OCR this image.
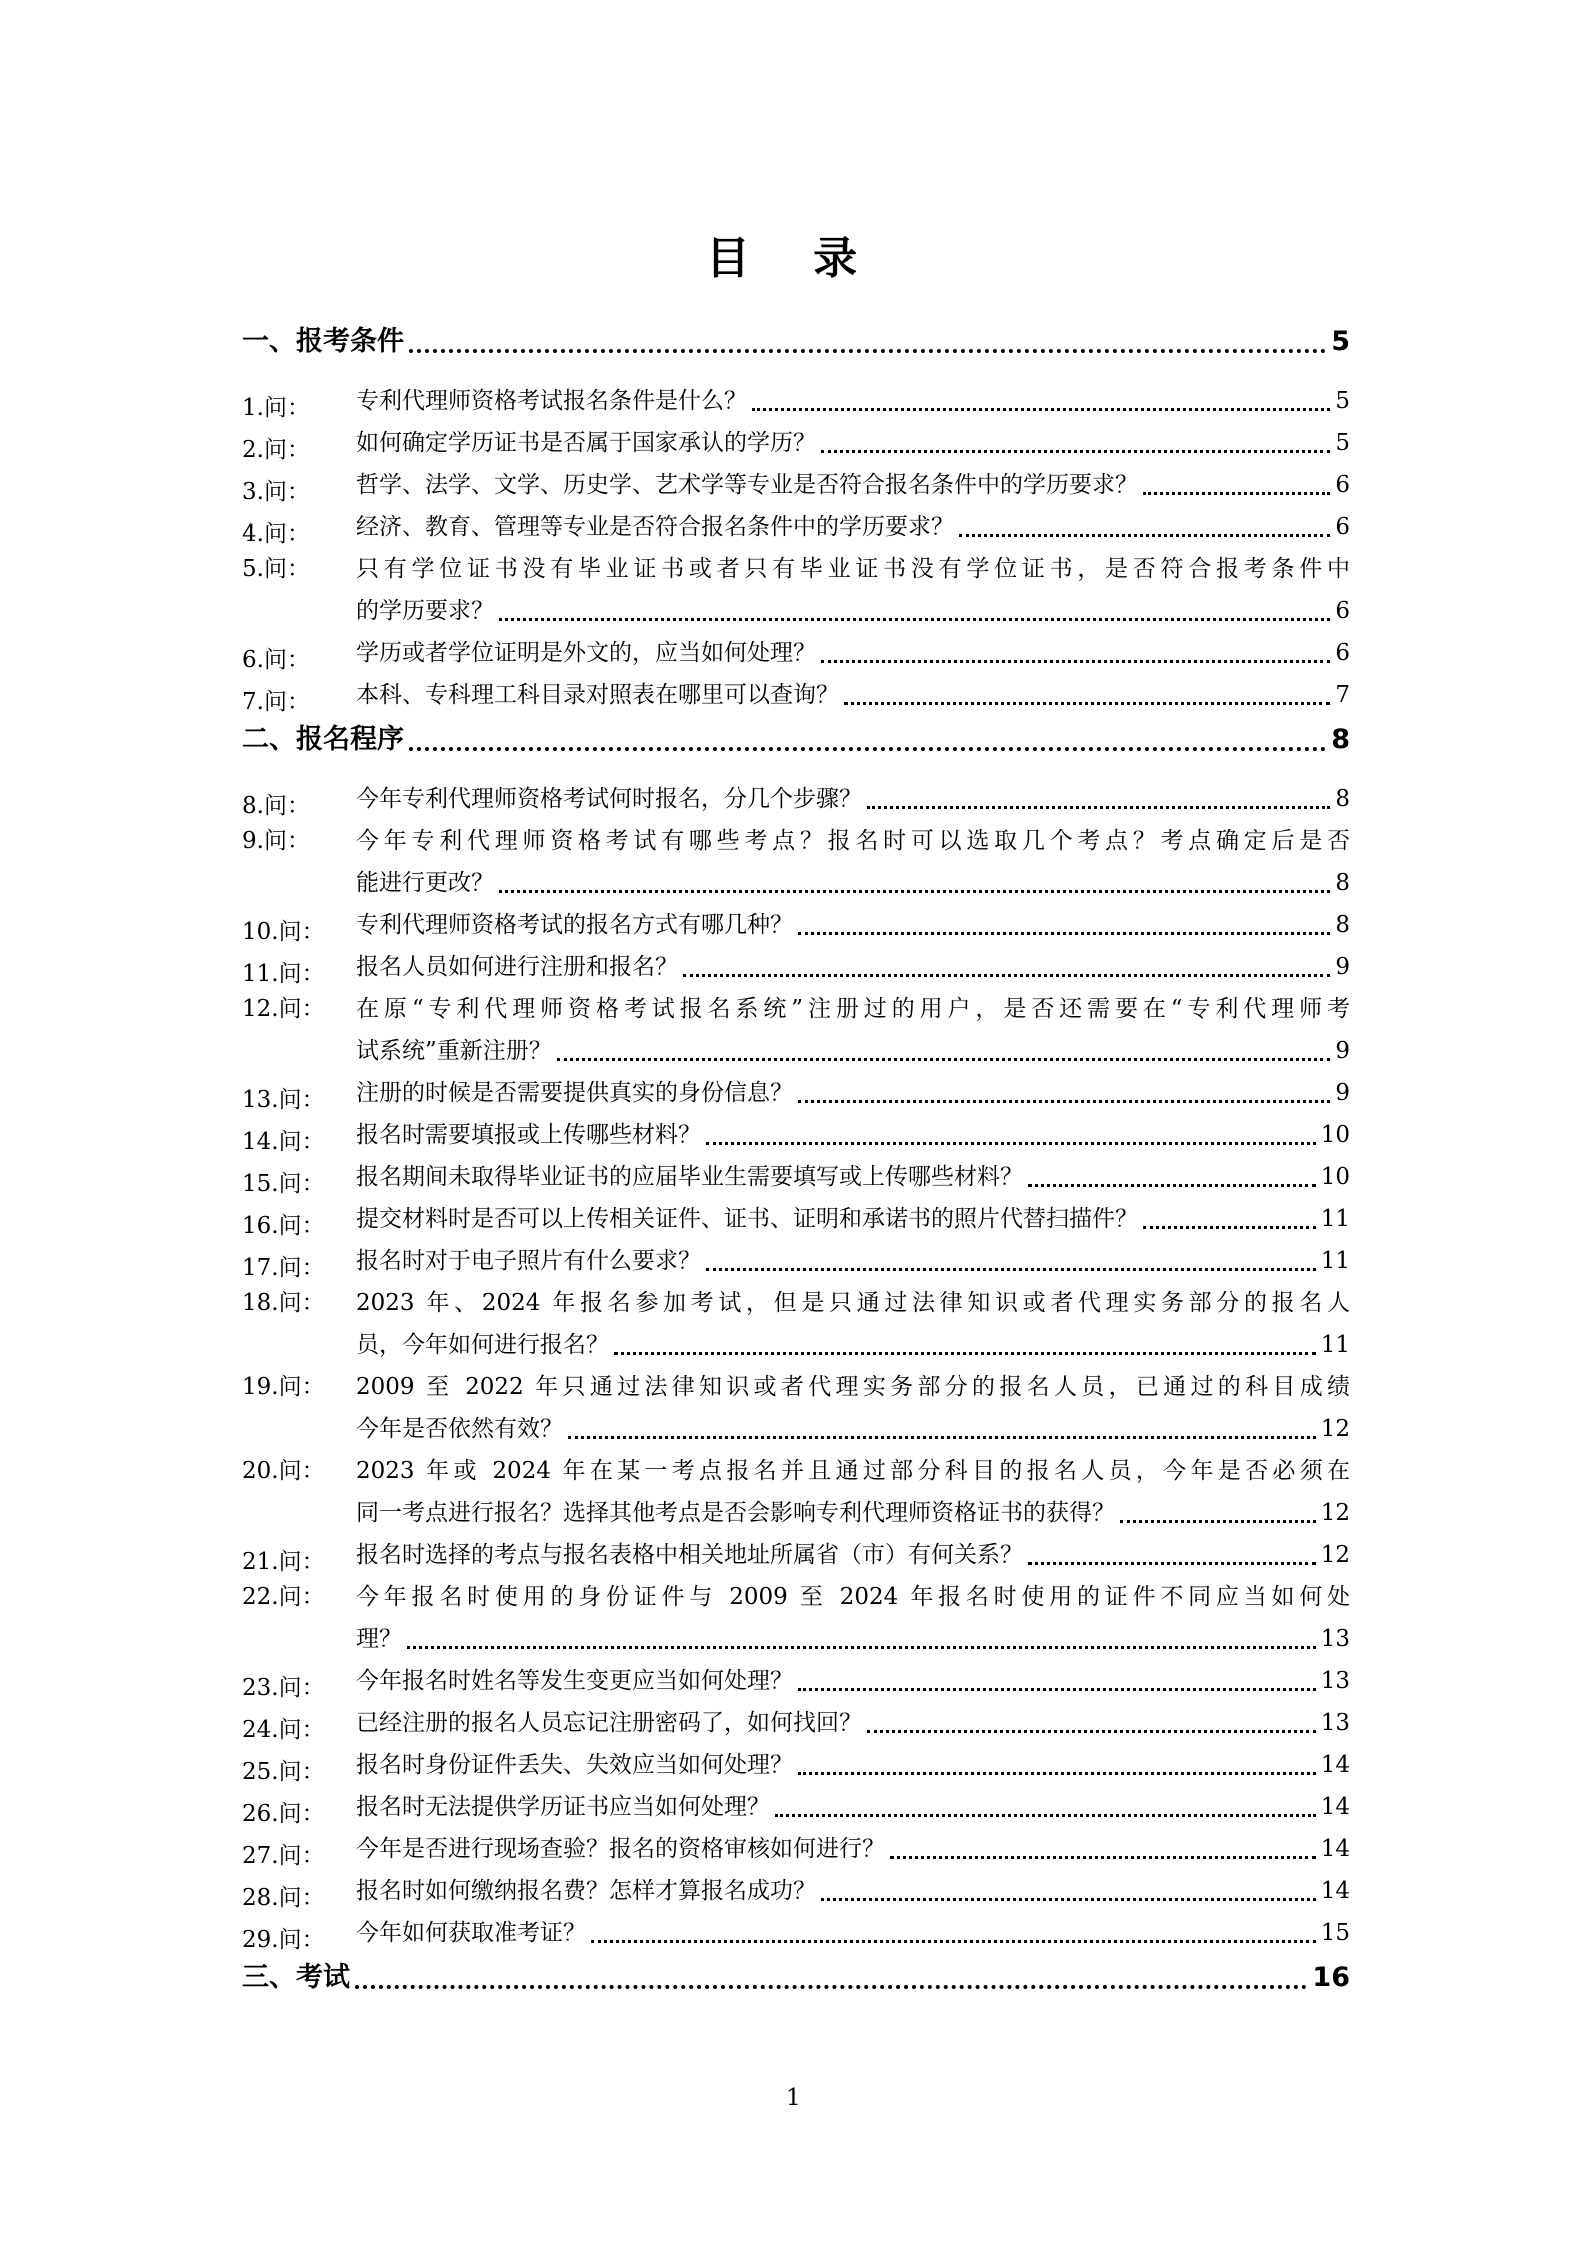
目 录
一、报考条件	5
1.问：	专利代理师资格考试报名条件是什么？	5
2.问：	如何确定学历证书是否属于国家承认的学历？	5
3.问：	哲学、法学、文学、历史学、艺术学等专业是否符合报名条件中的学历要求？	6
4.问：	经济、教育、管理等专业是否符合报名条件中的学历要求？	6
5.问：	只有学位证书没有毕业证书或者只有毕业证书没有学位证书，是否符合报考条件中
的学历要求？	6
6.问：	学历或者学位证明是外文的，应当如何处理？	6
7.问：	本科、专科理工科目录对照表在哪里可以查询？	7
二、报名程序	8
8.问：	今年专利代理师资格考试何时报名，分几个步骤？	8
9.问：	今年专利代理师资格考试有哪些考点？报名时可以选取几个考点？考点确定后是否
能进行更改？	8
10.问：	专利代理师资格考试的报名方式有哪几种？	8
11.问：	报名人员如何进行注册和报名？	9
12.问：	在原“专利代理师资格考试报名系统”注册过的用户，是否还需要在“专利代理师考
试系统”重新注册？	9
13.问：	注册的时候是否需要提供真实的身份信息？	9
14.问：	报名时需要填报或上传哪些材料？	10
15.问：	报名期间未取得毕业证书的应届毕业生需要填写或上传哪些材料？	10
16.问：	提交材料时是否可以上传相关证件、证书、证明和承诺书的照片代替扫描件？	11
17.问：	报名时对于电子照片有什么要求？	11
18.问：	2023 年、2024 年报名参加考试，但是只通过法律知识或者代理实务部分的报名人
员，今年如何进行报名？	11
19.问：	2009 至 2022 年只通过法律知识或者代理实务部分的报名人员，已通过的科目成绩
今年是否依然有效？	12
20.问：	2023 年或 2024 年在某一考点报名并且通过部分科目的报名人员，今年是否必须在
同一考点进行报名？选择其他考点是否会影响专利代理师资格证书的获得？	12
21.问：	报名时选择的考点与报名表格中相关地址所属省（市）有何关系？	12
22.问：	今年报名时使用的身份证件与 2009 至 2024 年报名时使用的证件不同应当如何处
理？	13
23.问：	今年报名时姓名等发生变更应当如何处理？	13
24.问：	已经注册的报名人员忘记注册密码了，如何找回？	13
25.问：	报名时身份证件丢失、失效应当如何处理？	14
26.问：	报名时无法提供学历证书应当如何处理？	14
27.问：	今年是否进行现场查验？报名的资格审核如何进行？	14
28.问：	报名时如何缴纳报名费？怎样才算报名成功？	14
29.问：	今年如何获取准考证？	15
三、考试	16
1
